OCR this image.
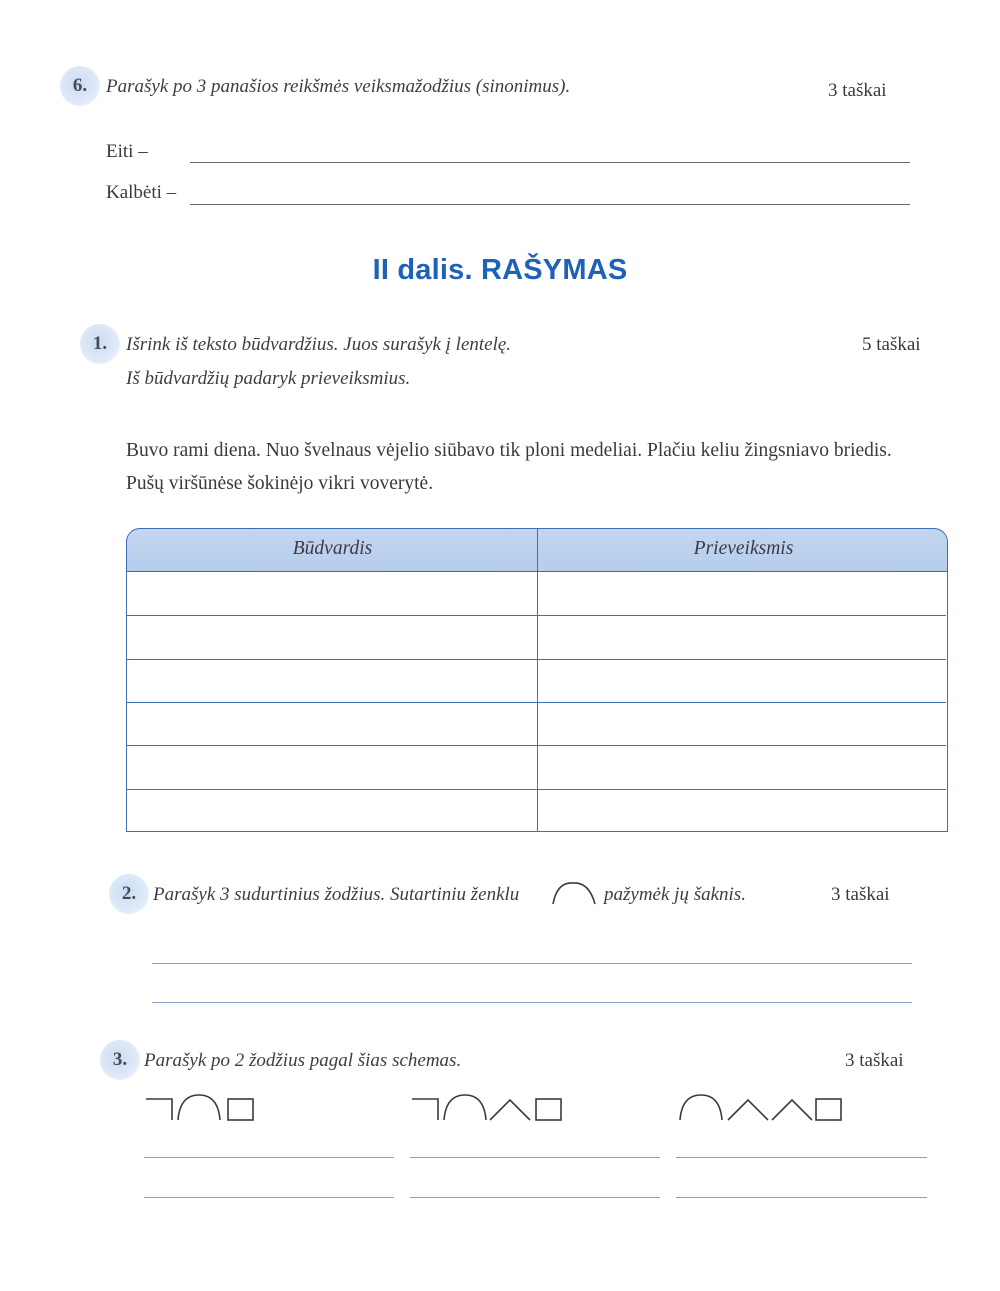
6. Parašyk po 3 panašios reikšmės veiksmažodžius (sinonimus).	3 taškai
Eiti –
Kalbėti –
II dalis. RAŠYMAS
1. Išrink iš teksto būdvardžius. Juos surašyk į lentelę.
Iš būdvardžių padaryk prieveiksmius.
5 taškai
Buvo rami diena. Nuo švelnaus vėjelio siūbavo tik ploni medeliai. Plačiu keliu žingsniavo briedis. Pušų viršūnėse šokinėjo vikri voverytė.
Būdvardis	Prieveiksmis
2. Parašyk 3 sudurtinius žodžius. Sutartiniu ženklu	pažymėk jų šaknis.	3 taškai
3. Parašyk po 2 žodžius pagal šias schemas.	3 taškai
